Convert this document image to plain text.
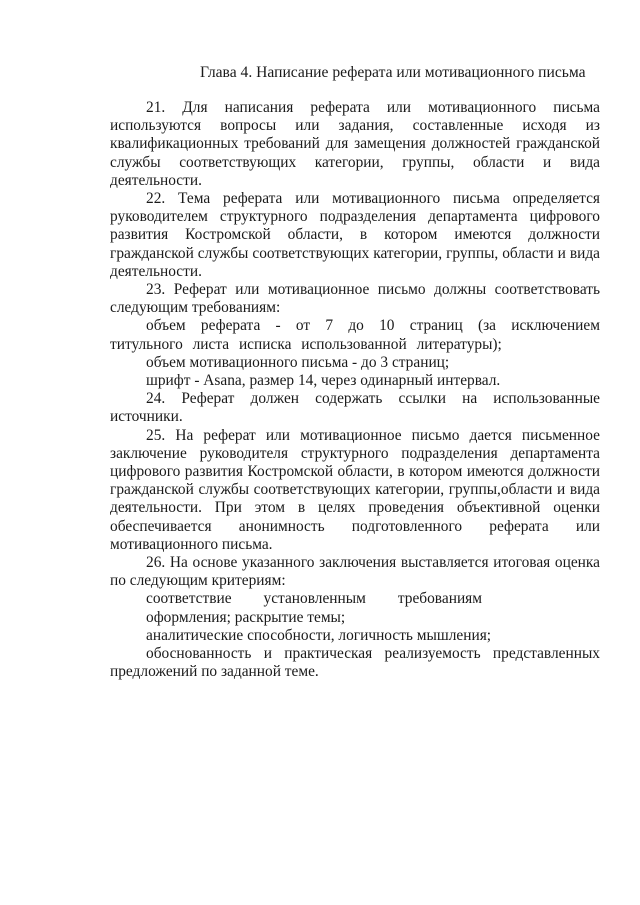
Глава 4. Написание реферата или мотивационного письма

21. Для написания реферата или мотивационного письма используются вопросы или задания, составленные исходя из квалификационных требований для замещения должностей гражданской службы соответствующих категории, группы, области и вида деятельности.

22. Тема реферата или мотивационного письма определяется руководителем структурного подразделения департамента цифрового развития Костромской области, в котором имеются должности гражданской службы соответствующих категории, группы, области и вида деятельности.

23. Реферат или мотивационное письмо должны соответствовать следующим требованиям:

объем реферата - от 7 до 10 страниц (за исключением титульного листа исписка использованной литературы);

объем мотивационного письма - до 3 страниц;

шрифт - Asana, размер 14, через одинарный интервал.

24. Реферат должен содержать ссылки на использованные источники.

25. На реферат или мотивационное письмо дается письменное заключение руководителя структурного подразделения департамента цифрового развития Костромской области, в котором имеются должности гражданской службы соответствующих категории, группы,области и вида деятельности. При этом в целях проведения объективной оценки обеспечивается анонимность подготовленного реферата или мотивационного письма.

26. На основе указанного заключения выставляется итоговая оценка по следующим критериям:

соответствие установленным требованиям

оформления; раскрытие темы;

аналитические способности, логичность мышления;

обоснованность и практическая реализуемость представленных предложений по заданной теме.
